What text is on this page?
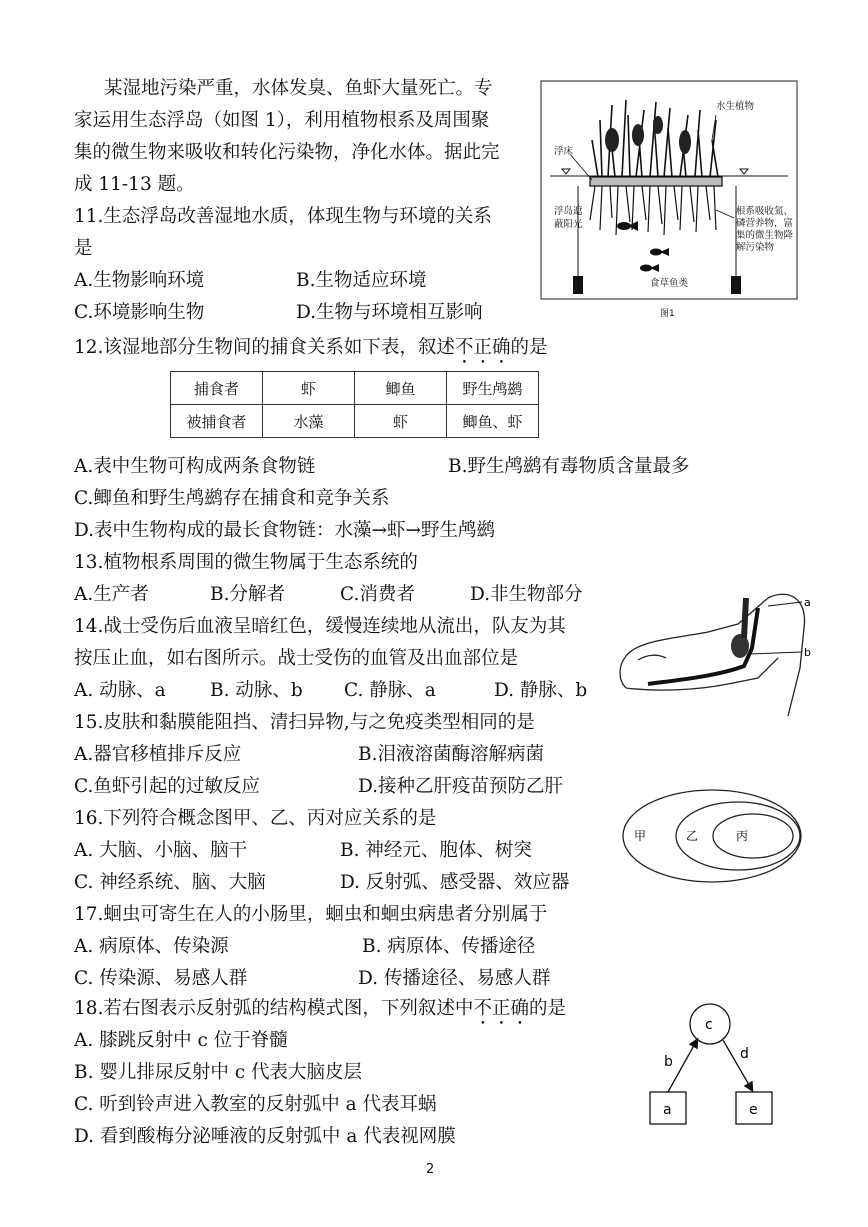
某湿地污染严重，水体发臭、鱼虾大量死亡。专
家运用生态浮岛（如图 1），利用植物根系及周围聚
集的微生物来吸收和转化污染物，净化水体。据此完
成 11-13 题。
水生植物
浮床
浮岛遮
蔽阳光
根系吸收氮、
磷营养物，富
集的微生物降
解污染物
食草鱼类
图1
11.生态浮岛改善湿地水质，体现生物与环境的关系
是
A.生物影响环境	B.生物适应环境
C.环境影响生物	D.生物与环境相互影响
12.该湿地部分生物间的捕食关系如下表，叙述不正确的是
捕食者	虾	鲫鱼	野生鸬鹚
被捕食者	水藻	虾	鲫鱼、虾
A.表中生物可构成两条食物链	B.野生鸬鹚有毒物质含量最多
C.鲫鱼和野生鸬鹚存在捕食和竞争关系
D.表中生物构成的最长食物链：水藻→虾→野生鸬鹚
13.植物根系周围的微生物属于生态系统的
A.生产者	B.分解者	C.消费者	D.非生物部分	a
b
14.战士受伤后血液呈暗红色，缓慢连续地从流出，队友为其
按压止血，如右图所示。战士受伤的血管及出血部位是
A. 动脉、a B. 动脉、b C. 静脉、a	D. 静脉、b
15.皮肤和黏膜能阻挡、清扫异物,与之免疫类型相同的是
A.器官移植排斥反应	B.泪液溶菌酶溶解病菌
C.鱼虾引起的过敏反应	D.接种乙肝疫苗预防乙肝
甲	乙	丙
16.下列符合概念图甲、乙、丙对应关系的是
A. 大脑、小脑、脑干	B. 神经元、胞体、树突
C. 神经系统、脑、大脑	D. 反射弧、感受器、效应器
17.蛔虫可寄生在人的小肠里，蛔虫和蛔虫病患者分别属于
A. 病原体、传染源	B. 病原体、传播途径
C. 传染源、易感人群	D. 传播途径、易感人群
18.若右图表示反射弧的结构模式图，下列叙述中不正确的是
A. 膝跳反射中 c 位于脊髓
B. 婴儿排尿反射中 c 代表大脑皮层
C. 听到铃声进入教室的反射弧中 a 代表耳蜗
D. 看到酸梅分泌唾液的反射弧中 a 代表视网膜
c
b	d
a	e
2
